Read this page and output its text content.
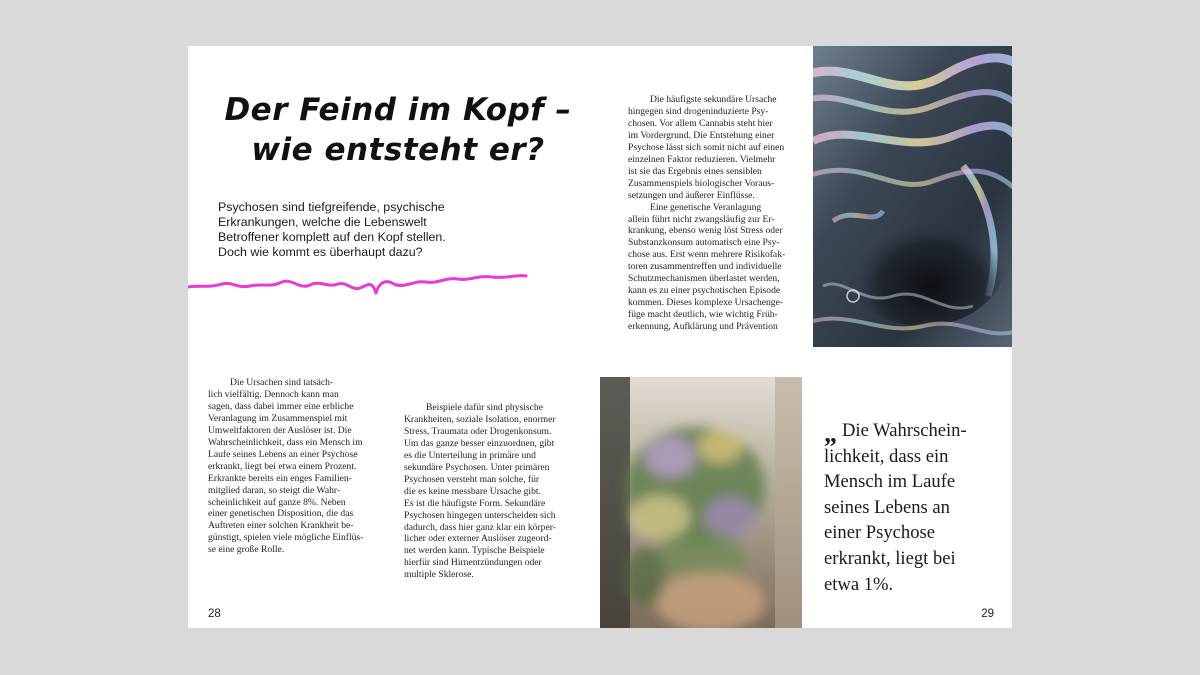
Der Feind im Kopf –
wie entsteht er?

Psychosen sind tiefgreifende, psychische
Erkrankungen, welche die Lebenswelt
Betroffener komplett auf den Kopf stellen.
Doch wie kommt es überhaupt dazu?

Die Ursachen sind tatsäch-
lich vielfältig. Dennoch kann man
sagen, dass dabei immer eine erbliche
Veranlagung im Zusammenspiel mit
Umweltfaktoren der Auslöser ist. Die
Wahrscheinlichkeit, dass ein Mensch im
Laufe seines Lebens an einer Psychose
erkrankt, liegt bei etwa einem Prozent.
Erkrankte bereits ein enges Familien-
mitglied daran, so steigt die Wahr-
scheinlichkeit auf ganze 8%. Neben
einer genetischen Disposition, die das
Auftreten einer solchen Krankheit be-
günstigt, spielen viele mögliche Einflüs-
se eine große Rolle.

Beispiele dafür sind physische
Krankheiten, soziale Isolation, enormer
Stress, Traumata oder Drogenkonsum.
Um das ganze besser einzuordnen, gibt
es die Unterteilung in primäre und
sekundäre Psychosen. Unter primären
Psychosen versteht man solche, für
die es keine messbare Ursache gibt.
Es ist die häufigste Form. Sekundäre
Psychosen hingegen unterscheiden sich
dadurch, dass hier ganz klar ein körper-
licher oder externer Auslöser zugeord-
net werden kann. Typische Beispiele
hierfür sind Hirnentzündungen oder
multiple Sklerose.

28

Die häufigste sekundäre Ursache
hingegen sind drogeninduzierte Psy-
chosen. Vor allem Cannabis steht hier
im Vordergrund. Die Entstehung einer
Psychose lässt sich somit nicht auf einen
einzelnen Faktor reduzieren. Vielmehr
ist sie das Ergebnis eines sensiblen
Zusammenspiels biologischer Voraus-
setzungen und äußerer Einflüsse.
Eine genetische Veranlagung
allein führt nicht zwangsläufig zur Er-
krankung, ebenso wenig löst Stress oder
Substanzkonsum automatisch eine Psy-
chose aus. Erst wenn mehrere Risikofak-
toren zusammentreffen und individuelle
Schutzmechanismen überlastet werden,
kann es zu einer psychotischen Episode
kommen. Dieses komplexe Ursachenge-
füge macht deutlich, wie wichtig Früh-
erkennung, Aufklärung und Prävention

„ Die Wahrschein-
lichkeit, dass ein
Mensch im Laufe
seines Lebens an
einer Psychose
erkrankt, liegt bei
etwa 1%.

29
